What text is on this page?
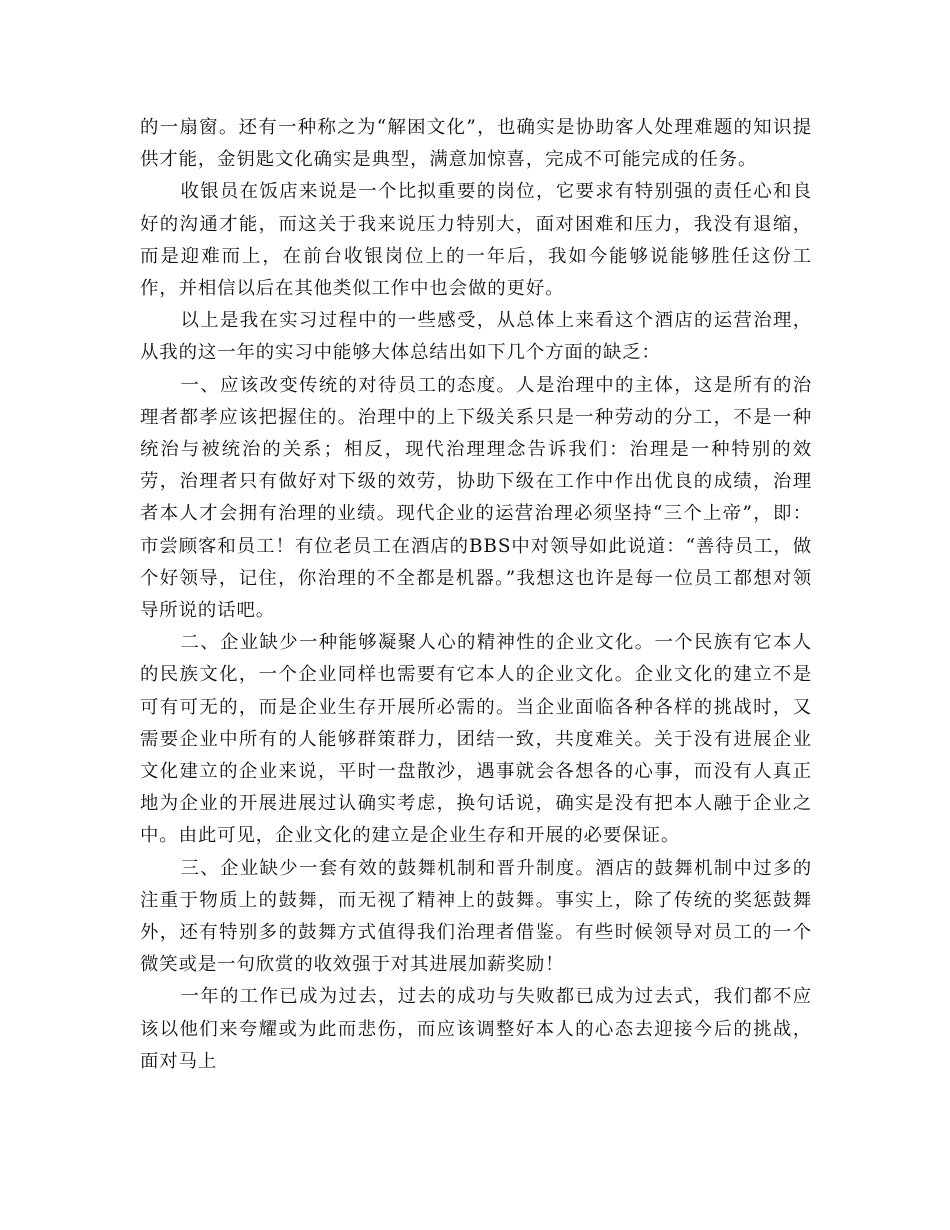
的一扇窗。还有一种称之为“解困文化”，也确实是协助客人处理难题的知识提供才能，金钥匙文化确实是典型，满意加惊喜，完成不可能完成的任务。

收银员在饭店来说是一个比拟重要的岗位，它要求有特别强的责任心和良好的沟通才能，而这关于我来说压力特别大，面对困难和压力，我没有退缩，而是迎难而上，在前台收银岗位上的一年后，我如今能够说能够胜任这份工作，并相信以后在其他类似工作中也会做的更好。

以上是我在实习过程中的一些感受，从总体上来看这个酒店的运营治理，从我的这一年的实习中能够大体总结出如下几个方面的缺乏：

一、应该改变传统的对待员工的态度。人是治理中的主体，这是所有的治理者都孝应该把握住的。治理中的上下级关系只是一种劳动的分工，不是一种统治与被统治的关系；相反，现代治理理念告诉我们：治理是一种特别的效劳，治理者只有做好对下级的效劳，协助下级在工作中作出优良的成绩，治理者本人才会拥有治理的业绩。现代企业的运营治理必须坚持“三个上帝”，即：市尝顾客和员工！有位老员工在酒店的BBS中对领导如此说道：“善待员工，做个好领导，记住，你治理的不全都是机器。”我想这也许是每一位员工都想对领导所说的话吧。

二、企业缺少一种能够凝聚人心的精神性的企业文化。一个民族有它本人的民族文化，一个企业同样也需要有它本人的企业文化。企业文化的建立不是可有可无的，而是企业生存开展所必需的。当企业面临各种各样的挑战时，又需要企业中所有的人能够群策群力，团结一致，共度难关。关于没有进展企业文化建立的企业来说，平时一盘散沙，遇事就会各想各的心事，而没有人真正地为企业的开展进展过认确实考虑，换句话说，确实是没有把本人融于企业之中。由此可见，企业文化的建立是企业生存和开展的必要保证。

三、企业缺少一套有效的鼓舞机制和晋升制度。酒店的鼓舞机制中过多的注重于物质上的鼓舞，而无视了精神上的鼓舞。事实上，除了传统的奖惩鼓舞外，还有特别多的鼓舞方式值得我们治理者借鉴。有些时候领导对员工的一个微笑或是一句欣赏的收效强于对其进展加薪奖励！

一年的工作已成为过去，过去的成功与失败都已成为过去式，我们都不应该以他们来夸耀或为此而悲伤，而应该调整好本人的心态去迎接今后的挑战，面对马上
